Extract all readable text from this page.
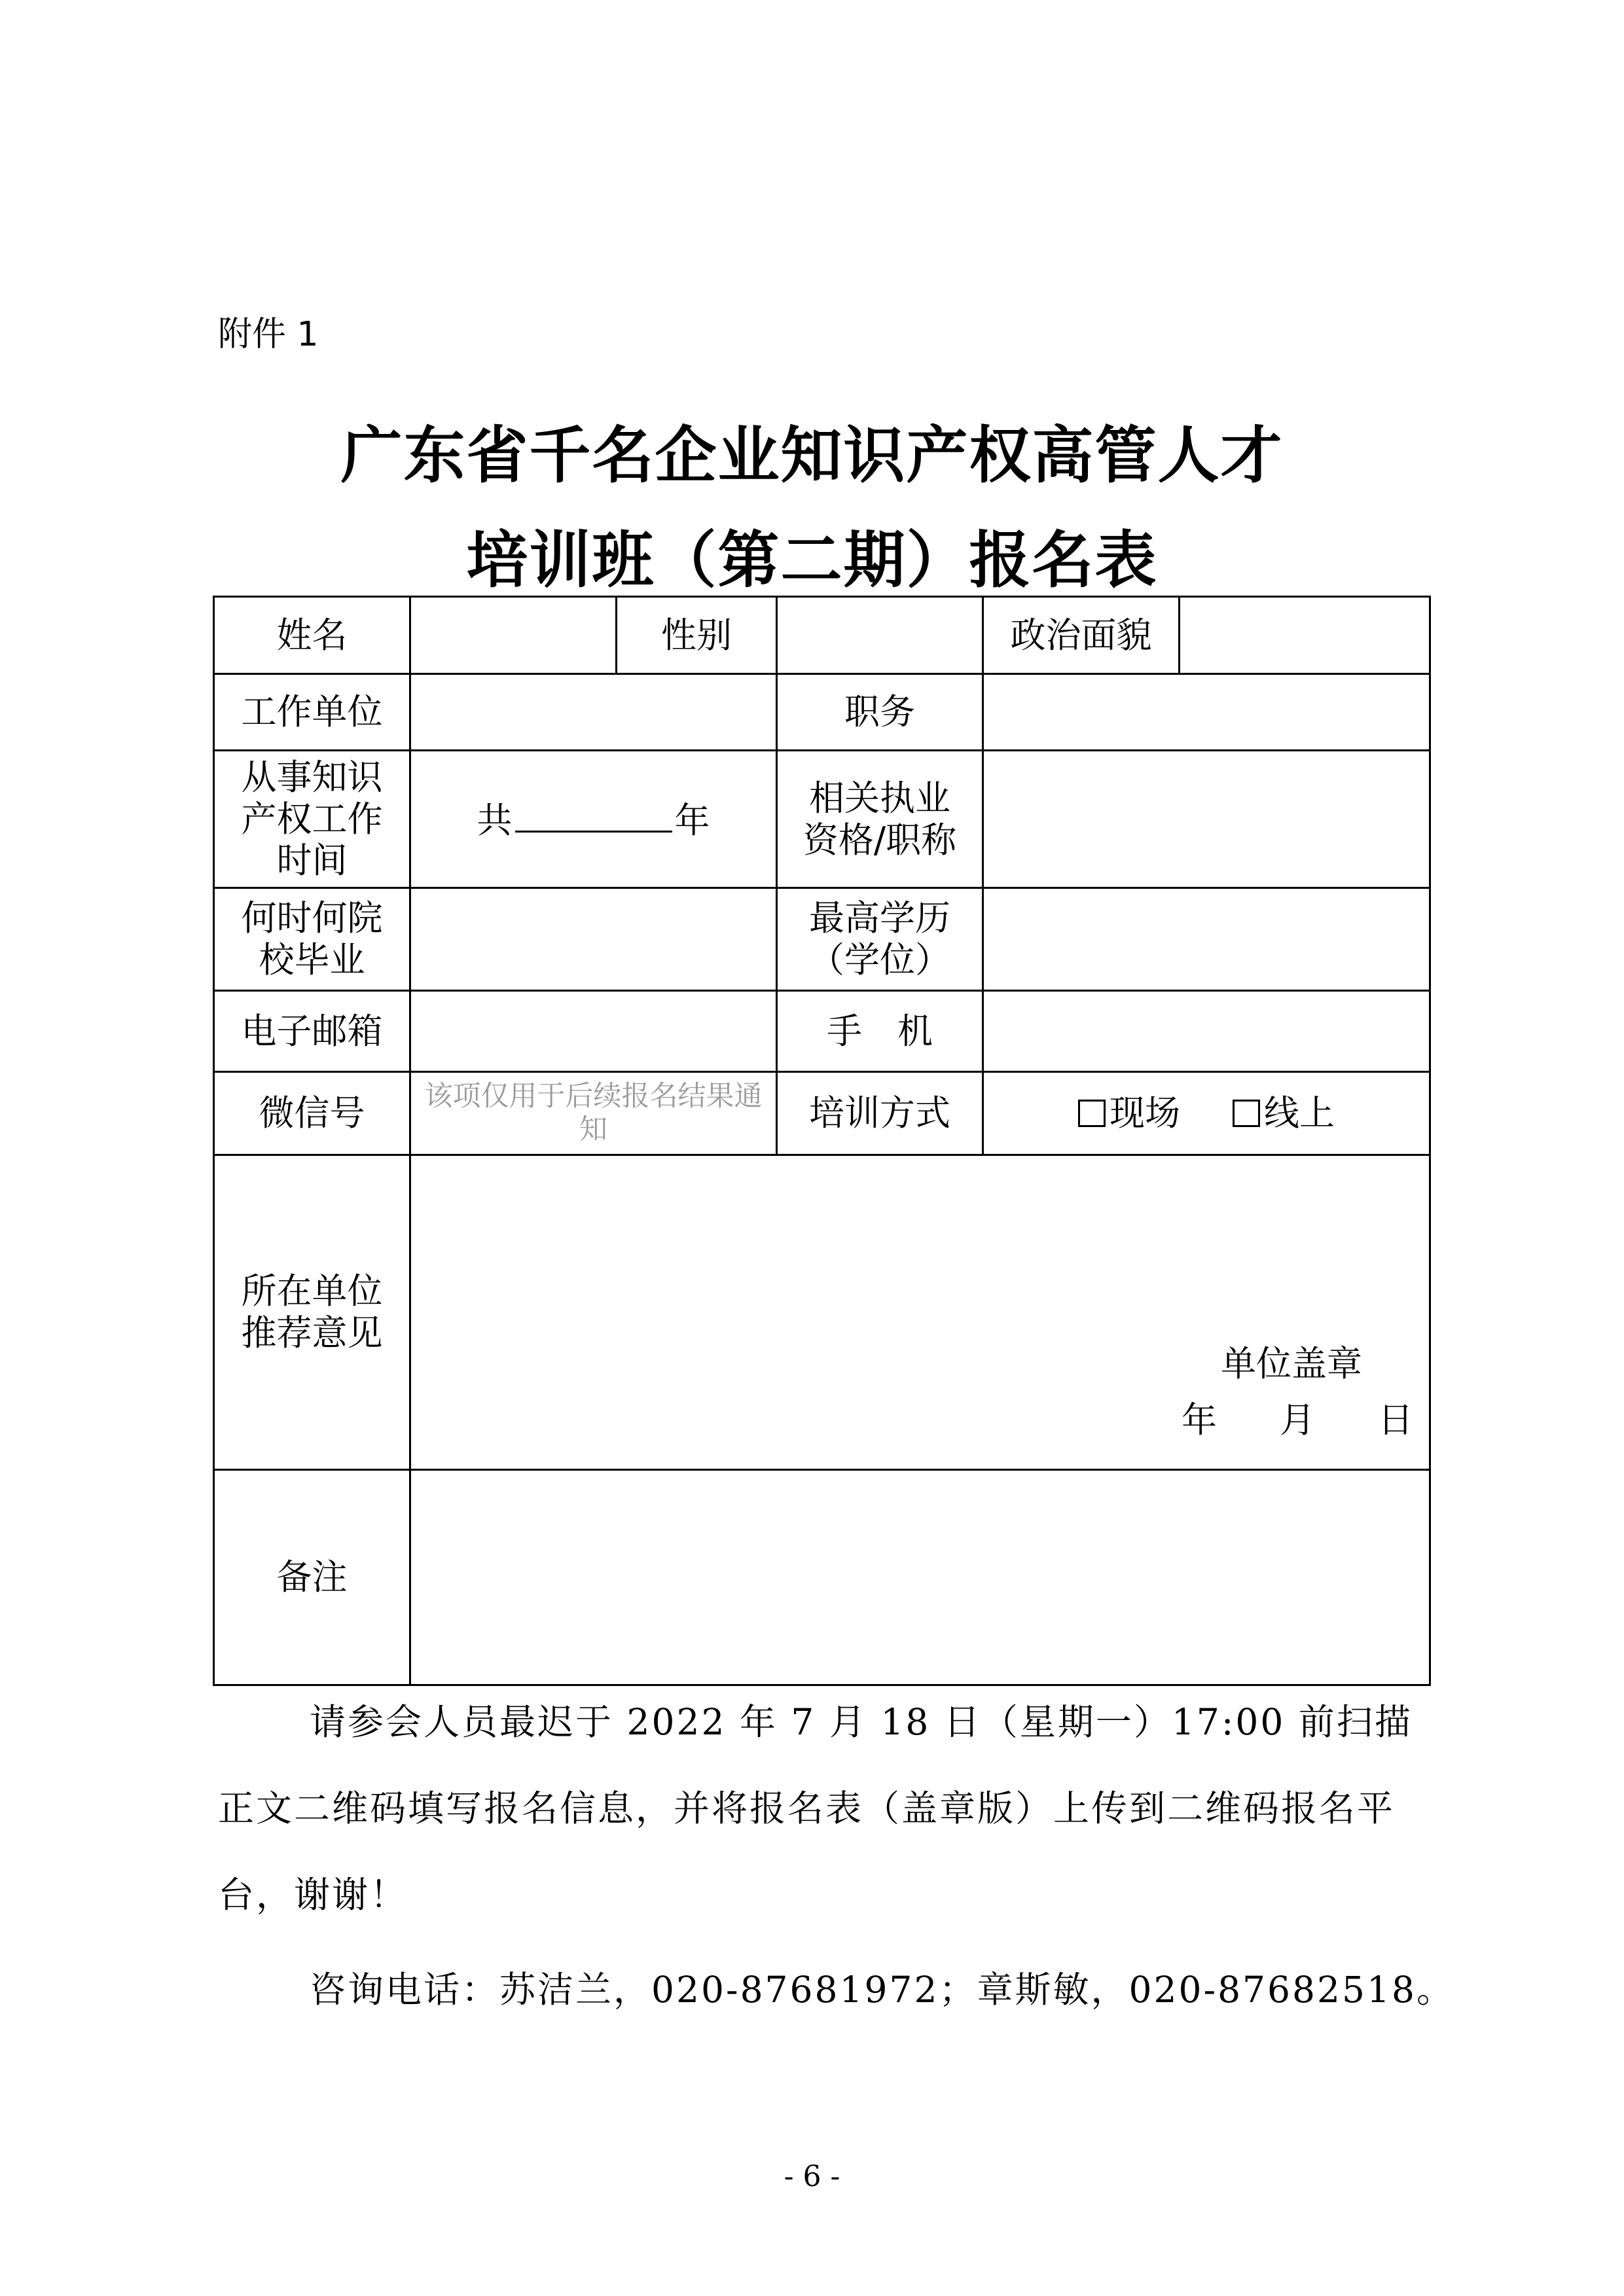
附件 1
广东省千名企业知识产权高管人才
培训班（第二期）报名表
姓名		性别		政治面貌	
工作单位			职务		
从事知识产权工作时间	共 年		相关执业资格/职称		
何时何院校毕业			最高学历（学位）		
电子邮箱			手　机		
微信号	该项仅用于后续报名结果通知		培训方式	现场 线上	
所在单位推荐意见	单位盖章
年 月 日				

备注					
请参会人员最迟于 2022 年 7 月 18 日（星期一）17:00 前扫描正文二维码填写报名信息，并将报名表（盖章版）上传到二维码报名平台，谢谢！
咨询电话：苏洁兰，020-87681972；章斯敏，020-87682518。
- 6 -
